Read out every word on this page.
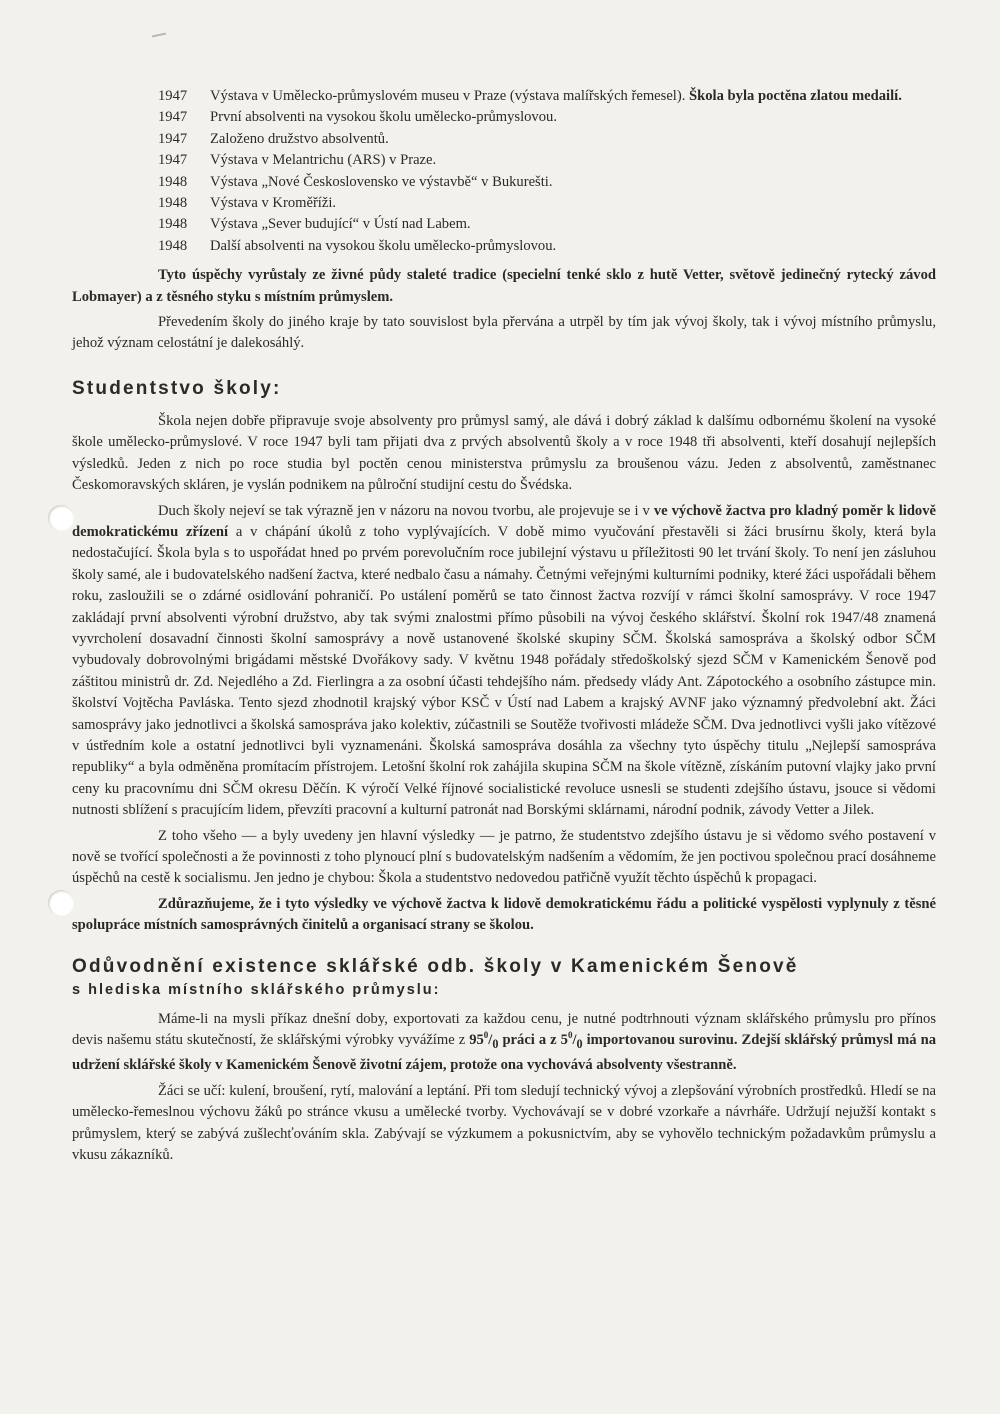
1947	Výstava v Umělecko-průmyslovém museu v Praze (výstava malířských řemesel). Škola byla poctěna zlatou medailí.
1947	První absolventi na vysokou školu umělecko-průmyslovou.
1947	Založeno družstvo absolventů.
1947	Výstava v Melantrichu (ARS) v Praze.
1948	Výstava „Nové Československo ve výstavbě“ v Bukurešti.
1948	Výstava v Kroměříži.
1948	Výstava „Sever budující“ v Ústí nad Labem.
1948	Další absolventi na vysokou školu umělecko-průmyslovou.

Tyto úspěchy vyrůstaly ze živné půdy staleté tradice (specielní tenké sklo z hutě Vetter, světově jedinečný rytecký závod Lobmayer) a z těsného styku s místním průmyslem.

Převedením školy do jiného kraje by tato souvislost byla přervána a utrpěl by tím jak vývoj školy, tak i vývoj místního průmyslu, jehož význam celostátní je dalekosáhlý.

Studentstvo školy:

Škola nejen dobře připravuje svoje absolventy pro průmysl samý, ale dává i dobrý základ k dalšímu odbornému školení na vysoké škole umělecko-průmyslové. V roce 1947 byli tam přijati dva z prvých absolventů školy a v roce 1948 tři absolventi, kteří dosahují nejlepších výsledků. Jeden z nich po roce studia byl poctěn cenou ministerstva průmyslu za broušenou vázu. Jeden z absolventů, zaměstnanec Českomoravských skláren, je vyslán podnikem na půlroční studijní cestu do Švédska.

Duch školy nejeví se tak výrazně jen v názoru na novou tvorbu, ale projevuje se i v ve výchově žactva pro kladný poměr k lidově demokratickému zřízení a v chápání úkolů z toho vyplývajících. V době mimo vyučování přestavěli si žáci brusírnu školy, která byla nedostačující. Škola byla s to uspořádat hned po prvém porevolučním roce jubilejní výstavu u příležitosti 90 let trvání školy. To není jen zásluhou školy samé, ale i budovatelského nadšení žactva, které nedbalo času a námahy. Četnými veřejnými kulturními podniky, které žáci uspořádali během roku, zasloužili se o zdárné osidlování pohraničí. Po ustálení poměrů se tato činnost žactva rozvíjí v rámci školní samosprávy. V roce 1947 zakládají první absolventi výrobní družstvo, aby tak svými znalostmi přímo působili na vývoj českého sklářství. Školní rok 1947/48 znamená vyvrcholení dosavadní činnosti školní samosprávy a nově ustanovené školské skupiny SČM. Školská samospráva a školský odbor SČM vybudovaly dobrovolnými brigádami městské Dvořákovy sady. V květnu 1948 pořádaly středoškolský sjezd SČM v Kamenickém Šenově pod záštitou ministrů dr. Zd. Nejedlého a Zd. Fierlingra a za osobní účasti tehdejšího nám. předsedy vlády Ant. Zápotockého a osobního zástupce min. školství Vojtěcha Pavláska. Tento sjezd zhodnotil krajský výbor KSČ v Ústí nad Labem a krajský AVNF jako významný předvolební akt. Žáci samosprávy jako jednotlivci a školská samospráva jako kolektiv, zúčastnili se Soutěže tvořivosti mládeže SČM. Dva jednotlivci vyšli jako vítězové v ústředním kole a ostatní jednotlivci byli vyznamenáni. Školská samospráva dosáhla za všechny tyto úspěchy titulu „Nejlepší samospráva republiky“ a byla odměněna promítacím přístrojem. Letošní školní rok zahájila skupina SČM na škole vítězně, získáním putovní vlajky jako první ceny ku pracovnímu dni SČM okresu Děčín. K výročí Velké říjnové socialistické revoluce usnesli se studenti zdejšího ústavu, jsouce si vědomi nutnosti sblížení s pracujícím lidem, převzíti pracovní a kulturní patronát nad Borskými sklárnami, národní podnik, závody Vetter a Jilek.

Z toho všeho — a byly uvedeny jen hlavní výsledky — je patrno, že studentstvo zdejšího ústavu je si vědomo svého postavení v nově se tvořící společnosti a že povinnosti z toho plynoucí plní s budovatelským nadšením a vědomím, že jen poctivou společnou prací dosáhneme úspěchů na cestě k socialismu. Jen jedno je chybou: Škola a studentstvo nedovedou patřičně využít těchto úspěchů k propagaci.

Zdůrazňujeme, že i tyto výsledky ve výchově žactva k lidově demokratickému řádu a politické vyspělosti vyplynuly z těsné spolupráce místních samosprávných činitelů a organisací strany se školou.

Odůvodnění existence sklářské odb. školy v Kamenickém Šenově
s hlediska místního sklářského průmyslu:

Máme-li na mysli příkaz dnešní doby, exportovati za každou cenu, je nutné podtrhnouti význam sklářského průmyslu pro přínos devis našemu státu skutečností, že sklářskými výrobky vyvážíme z $95^0/_0$ práci a z $5^0/_0$ importovanou surovinu. Zdejší sklářský průmysl má na udržení sklářské školy v Kamenickém Šenově životní zájem, protože ona vychovává absolventy všestranně.

Žáci se učí: kulení, broušení, rytí, malování a leptání. Při tom sledují technický vývoj a zlepšování výrobních prostředků. Hledí se na umělecko-řemeslnou výchovu žáků po stránce vkusu a umělecké tvorby. Vychovávají se v dobré vzorkaře a návrháře. Udržují nejužší kontakt s průmyslem, který se zabývá zušlechťováním skla. Zabývají se výzkumem a pokusnictvím, aby se vyhovělo technickým požadavkům průmyslu a vkusu zákazníků.
